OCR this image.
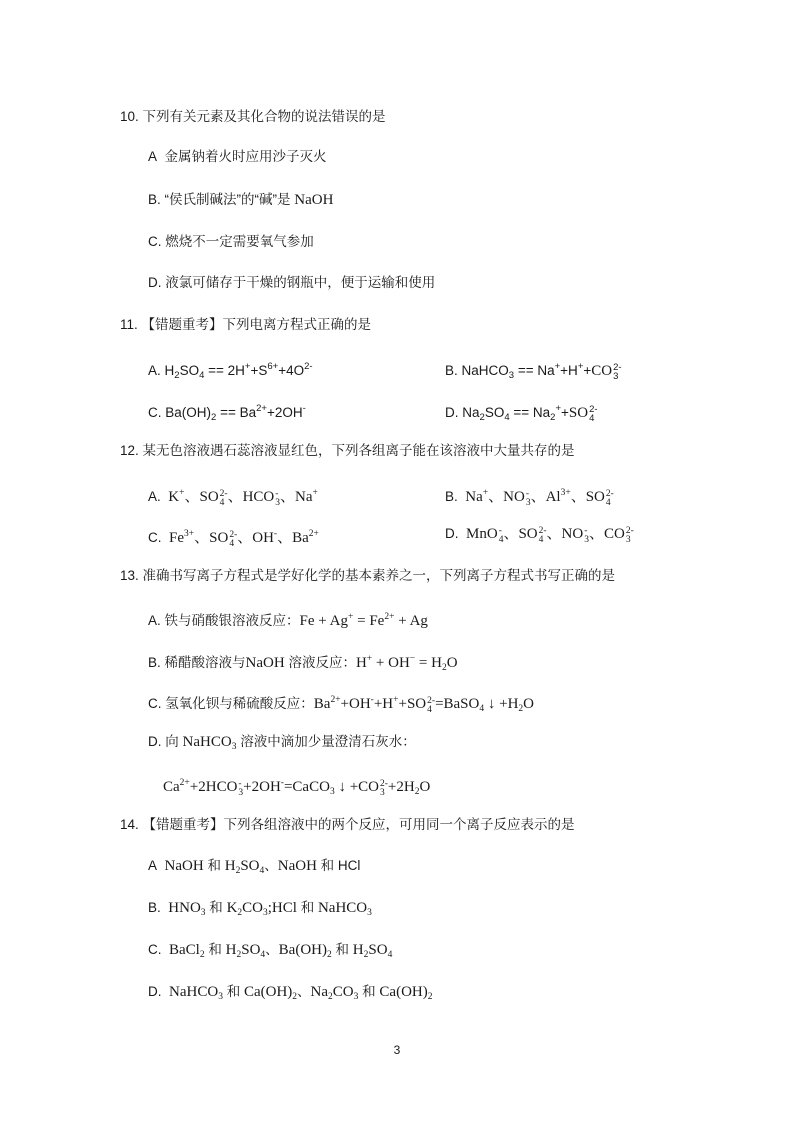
10. 下列有关元素及其化合物的说法错误的是
A 金属钠着火时应用沙子灭火
B. “侯氏制碱法”的“碱”是 NaOH
C. 燃烧不一定需要氧气参加
D. 液氯可储存于干燥的钢瓶中，便于运输和使用
11. 【错题重考】下列电离方程式正确的是
A. $H_2SO_4 == 2H^++S^{6+}+4O^{2-}$	B. NaHCO$_3$ == Na++H++CO 2-
3
C. $Ba(OH)_2 == Ba^{2+}+2OH^-$	D. $Na_2SO_4 == Na_2^++SO$ 2-
4
12. 某无色溶液遇石蕊溶液显红色，下列各组离子能在该溶液中大量共存的是
A. K+、SO 2-
4 、HCO -
3 、Na+	B. Na+、NO -
3 、$Al^{3+}$、SO 2-
4
C. $Fe^{3+}$、SO 2-
4 、OH-、$Ba^{2+}$	D. MnO -
4 、SO 2-
4 、NO -
3 、CO 2-
3
13. 准确书写离子方程式是学好化学的基本素养之一，下列离子方程式书写正确的是
A. 铁与硝酸银溶液反应：$Fe + Ag^+ = Fe^{2+} + Ag$
B. 稀醋酸溶液与NaOH 溶液反应：$H^+ + OH^- = H_2O$
C. 氢氧化钡与稀硫酸反应：$Ba^{2+}+OH^-+H^++SO$ 2-
4 =BaSO$_4$ ↓ $+H_2O$
D. 向 NaHCO$_3$ 溶液中滴加少量澄清石灰水：
$Ca^{2+}+2HCO$ -
3 +2OH-=CaCO$_3$ ↓ +CO 2-
$3 +2H_2O$
14. 【错题重考】下列各组溶液中的两个反应，可用同一个离子反应表示的是
A NaOH 和 $H_2SO_4$、NaOH 和 HCl
B. $HNO_3$ 和 $K_2CO_3;HCl$ 和 NaHCO$_3$
C. BaCl$_2$ 和 $H_2SO_4$、$Ba(OH)_2$ 和 $H_2SO_4$
D. NaHCO$_3$ 和 $Ca(OH)_2$、$Na_2CO_3$ 和 $Ca(OH)_2$
3
